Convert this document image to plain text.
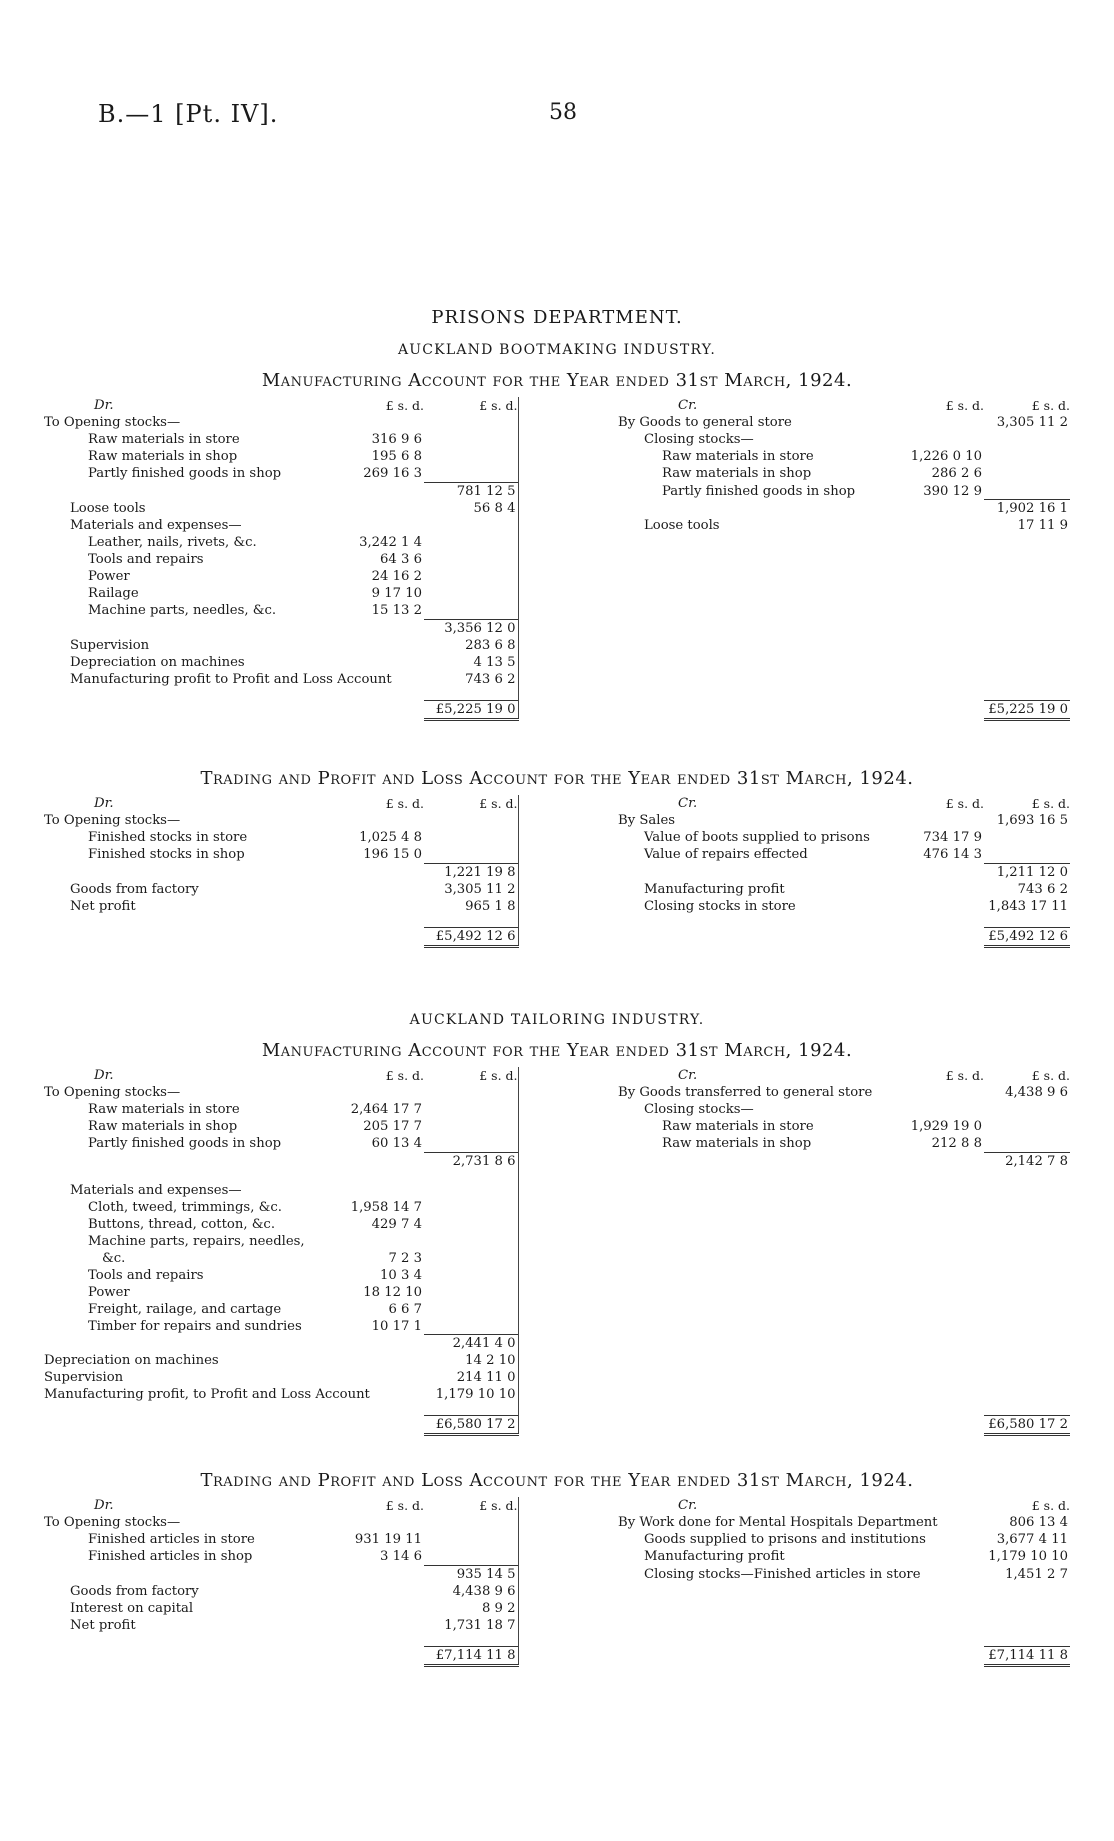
B.—1 [Pt. IV].	58
PRISONS DEPARTMENT.
AUCKLAND BOOTMAKING INDUSTRY.
Manufacturing Account for the Year ended 31st March, 1924.
Dr.	£ s. d.	£ s. d.		Cr.	£ s. d.	£ s. d.
To Opening stocks—				By Goods to general store		3,305 11 2
Raw materials in store	316 9 6			Closing stocks—		
Raw materials in shop	195 6 8			Raw materials in store	1,226 0 10	
Partly finished goods in shop	269 16 3			Raw materials in shop	286 2 6	
		781 12 5		Partly finished goods in shop	390 12 9	
Loose tools		56 8 4				1,902 16 1
Materials and expenses—				Loose tools		17 11 9
Leather, nails, rivets, &c.	3,242 1 4					
Tools and repairs	64 3 6					
Power	24 16 2					
Railage	9 17 10					
Machine parts, needles, &c.	15 13 2					
		3,356 12 0				
Supervision		283 6 8				
Depreciation on machines		4 13 5				
Manufacturing profit to Profit and Loss Account		743 6 2				

		£5,225 19 0				£5,225 19 0
Trading and Profit and Loss Account for the Year ended 31st March, 1924.
Dr.	£ s. d.	£ s. d.		Cr.	£ s. d.	£ s. d.
To Opening stocks—				By Sales		1,693 16 5
Finished stocks in store	1,025 4 8			Value of boots supplied to prisons	734 17 9	
Finished stocks in shop	196 15 0			Value of repairs effected	476 14 3	
		1,221 19 8				1,211 12 0
Goods from factory		3,305 11 2		Manufacturing profit		743 6 2
Net profit		965 1 8		Closing stocks in store		1,843 17 11

		£5,492 12 6				£5,492 12 6
AUCKLAND TAILORING INDUSTRY.
Manufacturing Account for the Year ended 31st March, 1924.
Dr.	£ s. d.	£ s. d.		Cr.	£ s. d.	£ s. d.
To Opening stocks—				By Goods transferred to general store		4,438 9 6
Raw materials in store	2,464 17 7			Closing stocks—		
Raw materials in shop	205 17 7			Raw materials in store	1,929 19 0	
Partly finished goods in shop	60 13 4			Raw materials in shop	212 8 8	
		2,731 8 6				2,142 7 8

Materials and expenses—						
Cloth, tweed, trimmings, &c.	1,958 14 7					
Buttons, thread, cotton, &c.	429 7 4					
Machine parts, repairs, needles,						
&c.	7 2 3					
Tools and repairs	10 3 4					
Power	18 12 10					
Freight, railage, and cartage	6 6 7					
Timber for repairs and sundries	10 17 1					
		2,441 4 0				
Depreciation on machines		14 2 10				
Supervision		214 11 0				
Manufacturing profit, to Profit and Loss Account		1,179 10 10				

		£6,580 17 2				£6,580 17 2
Trading and Profit and Loss Account for the Year ended 31st March, 1924.
Dr.	£ s. d.	£ s. d.		Cr.		£ s. d.
To Opening stocks—				By Work done for Mental Hospitals Department		806 13 4
Finished articles in store	931 19 11			Goods supplied to prisons and institutions		3,677 4 11
Finished articles in shop	3 14 6			Manufacturing profit		1,179 10 10
		935 14 5		Closing stocks—Finished articles in store		1,451 2 7
Goods from factory		4,438 9 6				
Interest on capital		8 9 2				
Net profit		1,731 18 7				

		£7,114 11 8				£7,114 11 8
